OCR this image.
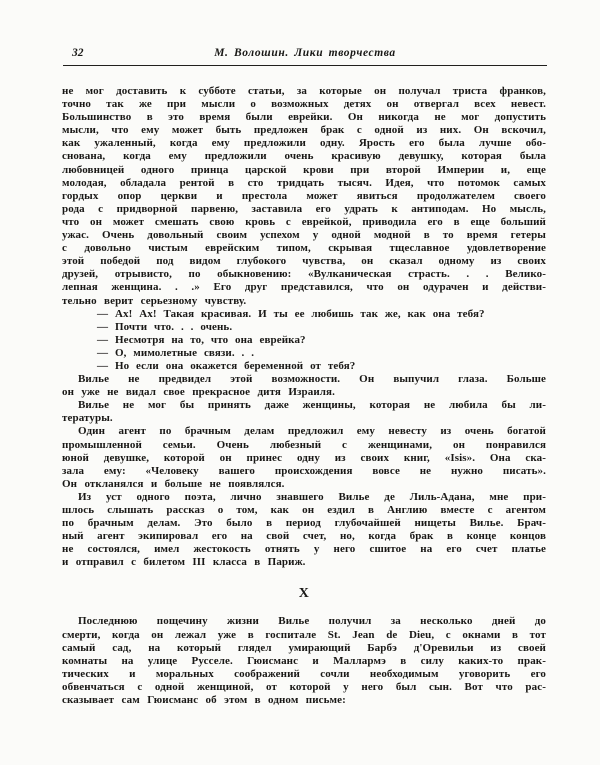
32	М. Волошин. Лики творчества
не мог доставить к субботе статьи, за которые он получал триста франков,
точно так же при мысли о возможных детях он отвергал всех невест.
Большинство в это время были еврейки. Он никогда не мог допустить
мысли, что ему может быть предложен брак с одной из них. Он вскочил,
как ужаленный, когда ему предложили одну. Ярость его была лучше обо-
снована, когда ему предложили очень красивую девушку, которая была
любовницей одного принца царской крови при второй Империи и, еще
молодая, обладала рентой в сто тридцать тысяч. Идея, что потомок самых
гордых опор церкви и престола может явиться продолжателем своего
рода с придворной парвеню, заставила его удрать к антиподам. Но мысль,
что он может смешать свою кровь с еврейкой, приводила его в еще больший
ужас. Очень довольный своим успехом у одной модной в то время гетеры
с довольно чистым еврейским типом, скрывая тщеславное удовлетворение
этой победой под видом глубокого чувства, он сказал одному из своих
друзей, отрывисто, по обыкновению: «Вулканическая страсть. . . Велико-
лепная женщина. . .» Его друг представился, что он одурачен и действи-
тельно верит серьезному чувству.
— Ах! Ах! Такая красивая. И ты ее любишь так же, как она тебя?
— Почти что. . . очень.
— Несмотря на то, что она еврейка?
— О, мимолетные связи. . .
— Но если она окажется беременной от тебя?
Вилье не предвидел этой возможности. Он выпучил глаза. Больше
он уже не видал свое прекрасное дитя Израиля.
Вилье не мог бы принять даже женщины, которая не любила бы ли-
тературы.
Один агент по брачным делам предложил ему невесту из очень богатой
промышленной семьи. Очень любезный с женщинами, он понравился
юной девушке, которой он принес одну из своих книг, «Isis». Она ска-
зала ему: «Человеку вашего происхождения вовсе не нужно писать».
Он откланялся и больше не появлялся.
Из уст одного поэта, лично знавшего Вилье де Лиль-Адана, мне при-
шлось слышать рассказ о том, как он ездил в Англию вместе с агентом
по брачным делам. Это было в период глубочайшей нищеты Вилье. Брач-
ный агент экипировал его на свой счет, но, когда брак в конце концов
не состоялся, имел жестокость отнять у него сшитое на его счет платье
и отправил с билетом III класса в Париж.
X
Последнюю пощечину жизни Вилье получил за несколько дней до
смерти, когда он лежал уже в госпитале St. Jean de Dieu, с окнами в тот
самый сад, на который глядел умирающий Барбэ д'Оревильи из своей
комнаты на улице Русселе. Гюисманс и Маллармэ в силу каких-то прак-
тических и моральных соображений сочли необходимым уговорить его
обвенчаться с одной женщиной, от которой у него был сын. Вот что рас-
сказывает сам Гюисманс об этом в одном письме:
